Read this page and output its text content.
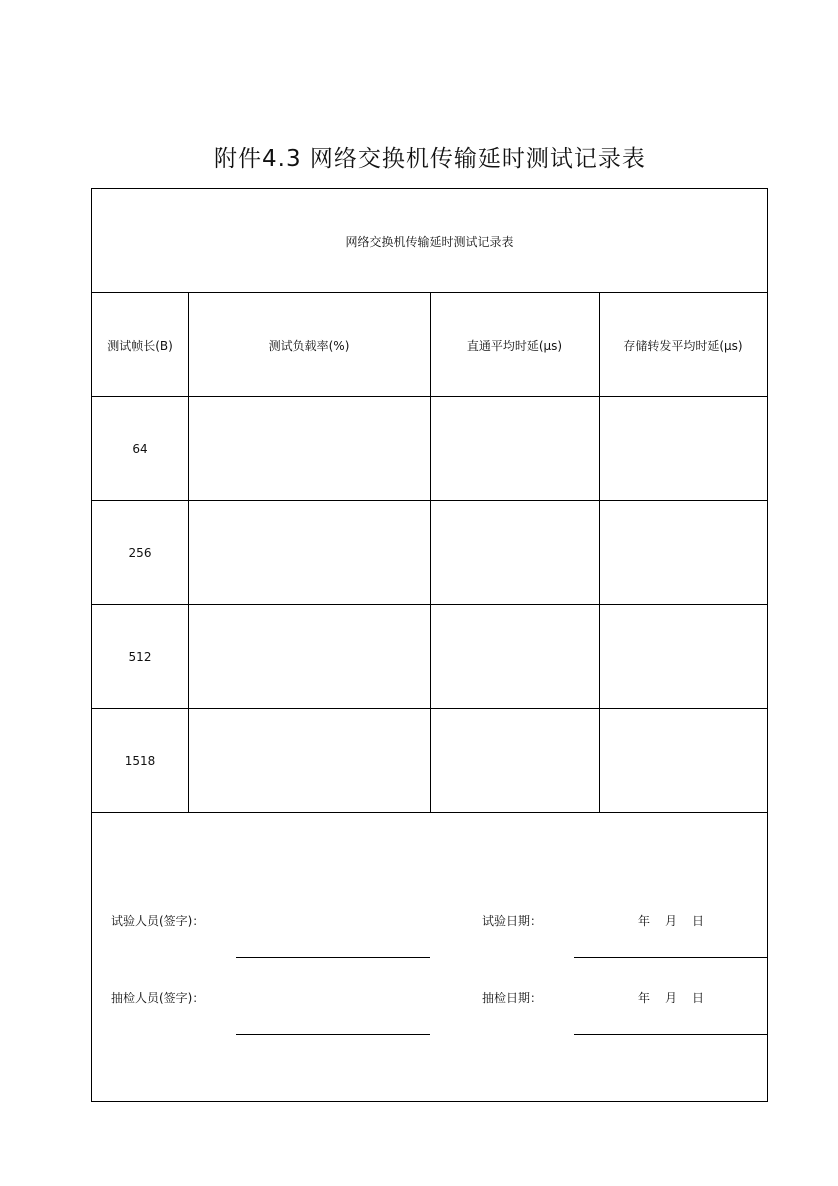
附件4.3 网络交换机传输延时测试记录表
网络交换机传输延时测试记录表
测试帧长(B)	测试负载率(%)	直通平均时延(μs)	存储转发平均时延(μs)
64
256
512
1518
试验人员(签字)：	试验日期：	年 月 日
抽检人员(签字)：	抽检日期：	年 月 日
